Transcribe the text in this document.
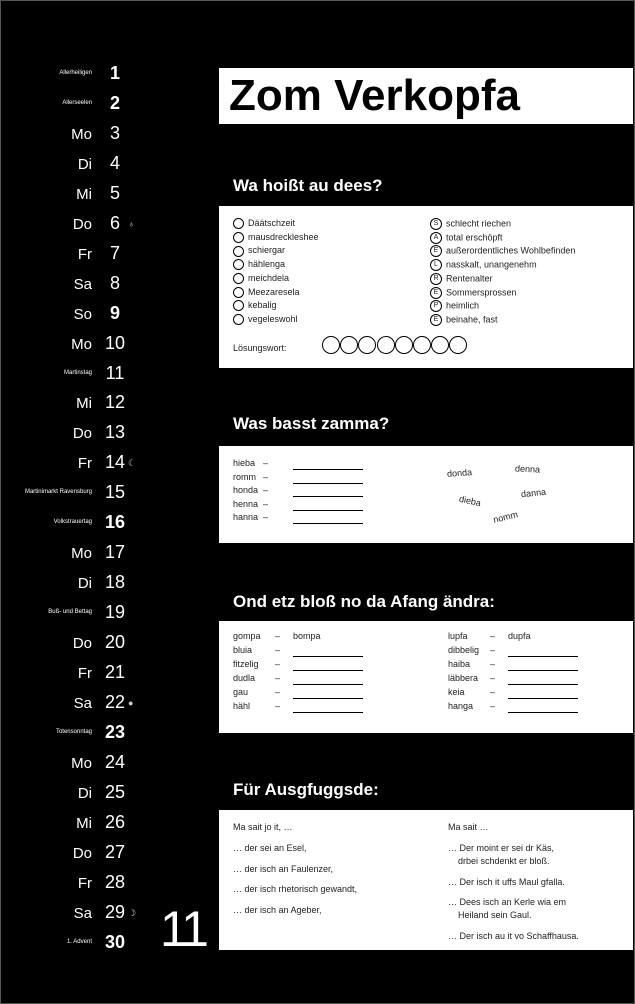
Allerheiligen 1
Allerseelen 2
Mo 3
Di 4
Mi 5
Do 6 ♁
Fr 7
Sa 8
So 9
Mo 10
Martinstag 11
Mi 12
Do 13
Fr 14 ☾
Martinimarkt Ravensburg 15
Volkstrauertag 16
Mo 17
Di 18
Buß- und Bettag 19
Do 20
Fr 21
Sa 22 ●
Totensonntag 23
Mo 24
Di 25
Mi 26
Do 27
Fr 28
Sa 29 ☽
1. Advent 30 11
Zom Verkopfa
Wa hoißt au dees?
Däätschzeit
mausdreckleshee
schiergar
hählenga
meichdela
Meezaresela
kebalig
vegeleswohl
S schlecht riechen
A total erschöpft
E außerordentliches Wohlbefinden
L nasskalt, unangenehm
R Rentenalter
E Sommersprossen
P heimlich
E beinahe, fast
Lösungswort:
Was basst zamma?
hieba –
romm –
honda –
henna –
hanna –
donda	denna
dieba
danna
nomm
Ond etz bloß no da Afang ändra:
gompa – bompa
bluia	–
fitzelig –
dudla –
gau	–
hähl	–
lupfa – dupfa
dibbelig –
haiba –
läbbera –
keia	–
hanga –
Für Ausgfuggsde:
Ma sait jo it, …	Ma sait …
… der sei an Esel,
… der isch an Faulenzer,
… der isch rhetorisch gewandt,
… der isch an Ageber,
… Der moint er sei dr Käs,
drbei schdenkt er bloß.
… Der isch it uffs Maul gfalla.
… Dees isch an Kerle wia em
Heiland sein Gaul.
… Der isch au it vo Schaffhausa.
